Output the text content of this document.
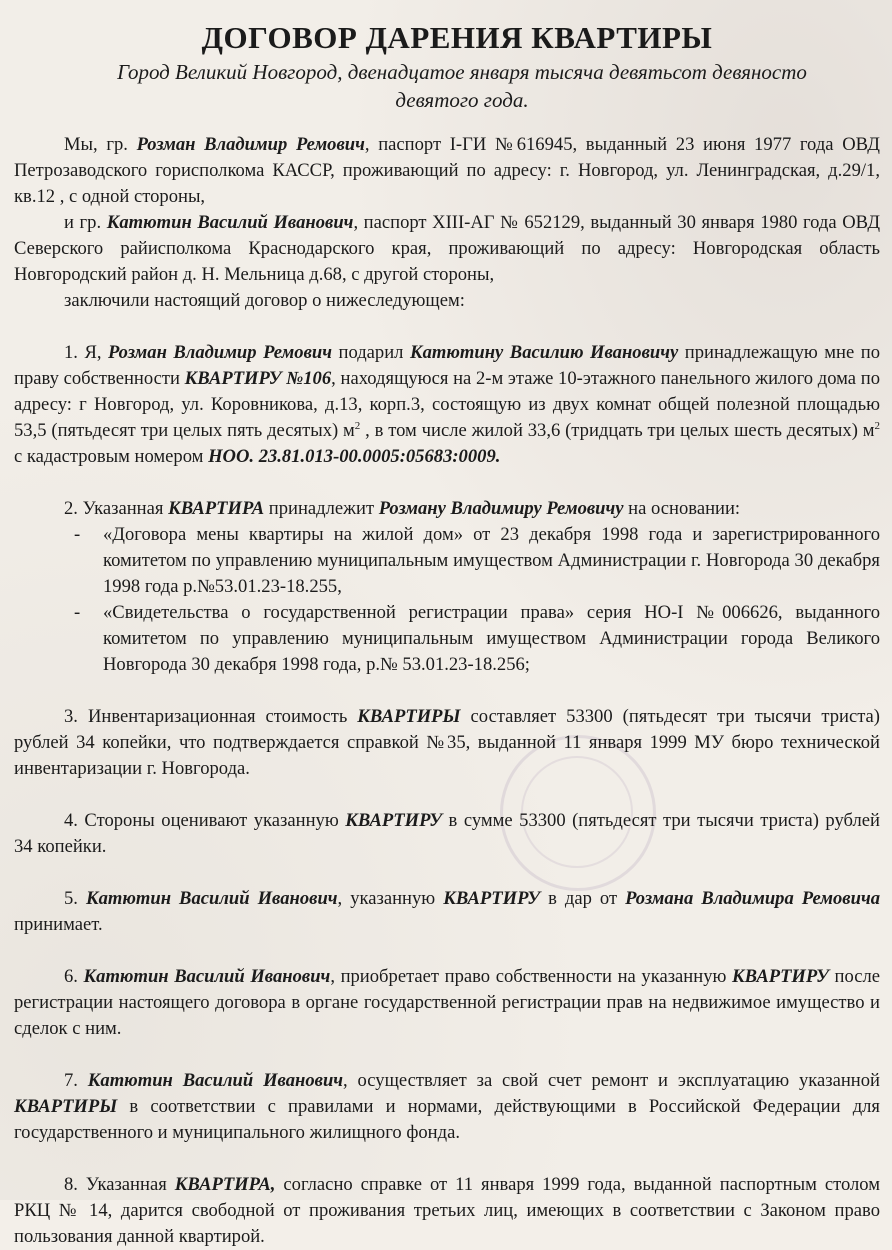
ДОГОВОР ДАРЕНИЯ КВАРТИРЫ
Город Великий Новгород, двенадцатое января тысяча девятьсот девяносто
девятого года.

Мы, гр. Розман Владимир Ремович, паспорт I-ГИ №616945, выданный 23 июня 1977 года ОВД Петрозаводского горисполкома КАССР, проживающий по адресу: г. Новгород, ул. Ленинградская, д.29/1, кв.12 , с одной стороны,

и гр. Катютин Василий Иванович, паспорт XIII-АГ № 652129, выданный 30 января 1980 года ОВД Северского райисполкома Краснодарского края, проживающий по адресу: Новгородская область Новгородский район д. Н. Мельница д.68, с другой стороны,

заключили настоящий договор о нижеследующем:

1. Я, Розман Владимир Ремович подарил Катютину Василию Ивановичу принадлежащую мне по праву собственности КВАРТИРУ №106, находящуюся на 2-м этаже 10-этажного панельного жилого дома по адресу: г Новгород, ул. Коровникова, д.13, корп.3, состоящую из двух комнат общей полезной площадью 53,5 (пятьдесят три целых пять десятых) $м^2$ , в том числе жилой 33,6 (тридцать три целых шесть десятых) $м^2$ с кадастровым номером НОО. 23.81.013-00.0005:05683:0009.

2. Указанная КВАРТИРА принадлежит Розману Владимиру Ремовичу на основании:

- «Договора мены квартиры на жилой дом» от 23 декабря 1998 года и зарегистрированного комитетом по управлению муниципальным имуществом Администрации г. Новгорода 30 декабря 1998 года р.№53.01.23-18.255,
- «Свидетельства о государственной регистрации права» серия НО-I №006626, выданного комитетом по управлению муниципальным имуществом Администрации города Великого Новгорода 30 декабря 1998 года, р.№ 53.01.23-18.256;

3. Инвентаризационная стоимость КВАРТИРЫ составляет 53300 (пятьдесят три тысячи триста) рублей 34 копейки, что подтверждается справкой №35, выданной 11 января 1999 МУ бюро технической инвентаризации г. Новгорода.

4. Стороны оценивают указанную КВАРТИРУ в сумме 53300 (пятьдесят три тысячи триста) рублей 34 копейки.

5. Катютин Василий Иванович, указанную КВАРТИРУ в дар от Розмана Владимира Ремовича принимает.

6. Катютин Василий Иванович, приобретает право собственности на указанную КВАРТИРУ после регистрации настоящего договора в органе государственной регистрации прав на недвижимое имущество и сделок с ним.

7. Катютин Василий Иванович, осуществляет за свой счет ремонт и эксплуатацию указанной КВАРТИРЫ в соответствии с правилами и нормами, действующими в Российской Федерации для государственного и муниципального жилищного фонда.

8. Указанная КВАРТИРА, согласно справке от 11 января 1999 года, выданной паспортным столом РКЦ № 14, дарится свободной от проживания третьих лиц, имеющих в соответствии с Законом право пользования данной квартирой.
